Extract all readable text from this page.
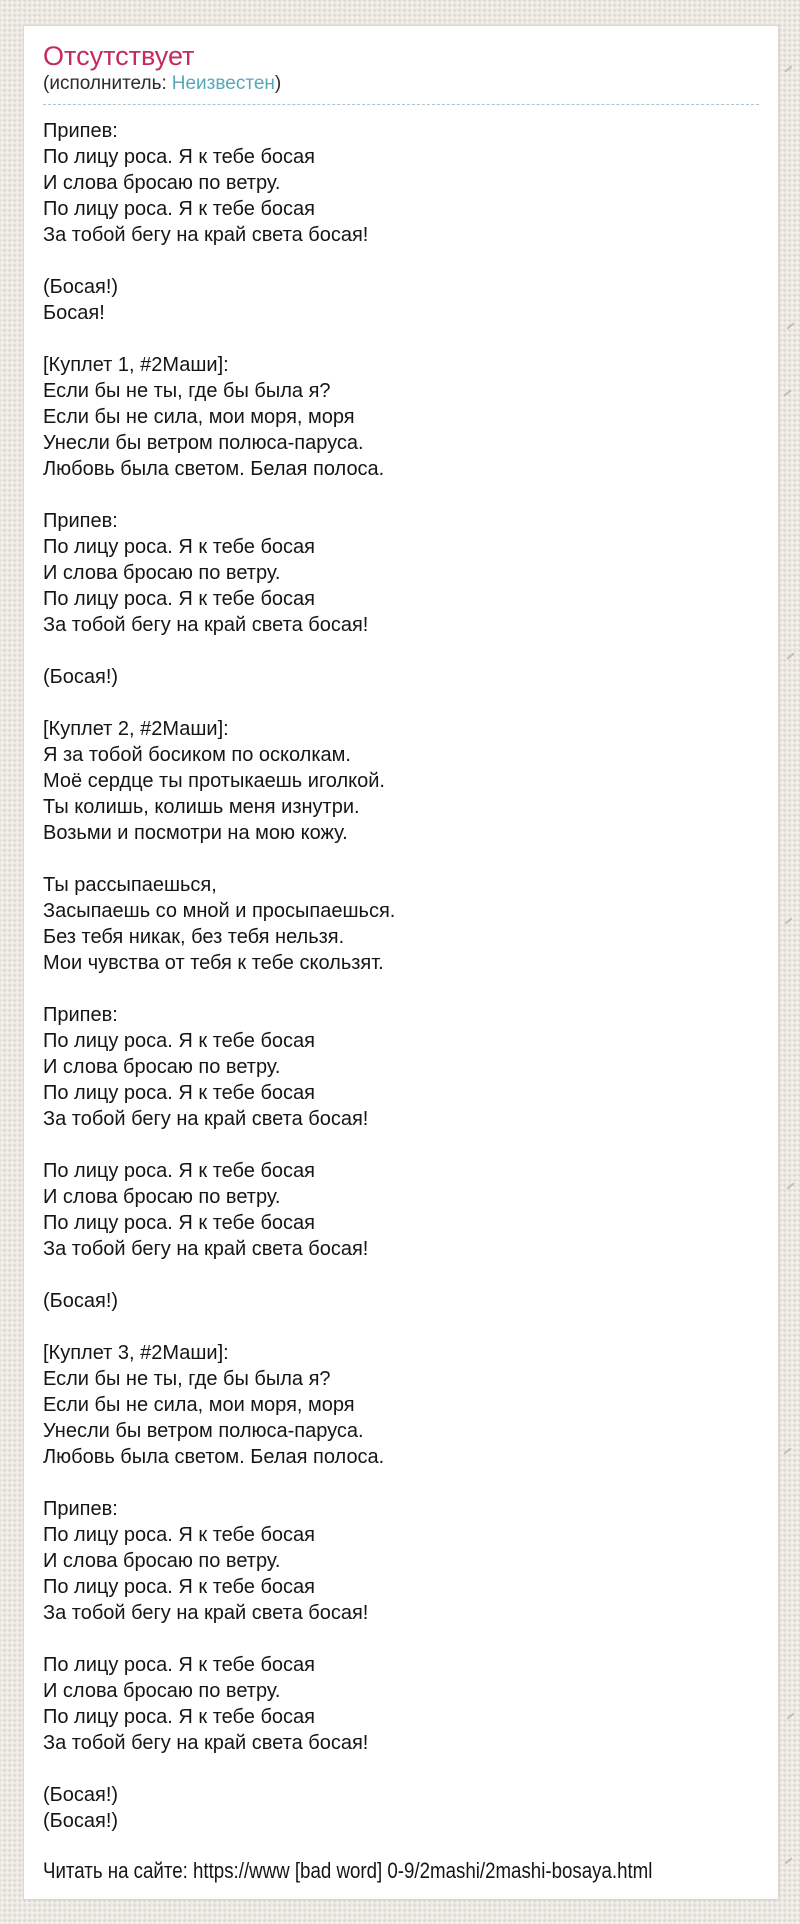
Отсутствует
(исполнитель: Неизвестен)
Припев:
По лицу роса. Я к тебе босая
И слова бросаю по ветру.
По лицу роса. Я к тебе босая
За тобой бегу на край света босая!

(Босая!)
Босая!

[Куплет 1, #2Маши]:
Если бы не ты, где бы была я?
Если бы не сила, мои моря, моря
Унесли бы ветром полюса-паруса.
Любовь была светом. Белая полоса.

Припев:
По лицу роса. Я к тебе босая
И слова бросаю по ветру.
По лицу роса. Я к тебе босая
За тобой бегу на край света босая!

(Босая!)

[Куплет 2, #2Маши]:
Я за тобой босиком по осколкам.
Моё сердце ты протыкаешь иголкой.
Ты колишь, колишь меня изнутри.
Возьми и посмотри на мою кожу.

Ты рассыпаешься,
Засыпаешь со мной и просыпаешься.
Без тебя никак, без тебя нельзя.
Мои чувства от тебя к тебе скользят.

Припев:
По лицу роса. Я к тебе босая
И слова бросаю по ветру.
По лицу роса. Я к тебе босая
За тобой бегу на край света босая!

По лицу роса. Я к тебе босая
И слова бросаю по ветру.
По лицу роса. Я к тебе босая
За тобой бегу на край света босая!

(Босая!)

[Куплет 3, #2Маши]:
Если бы не ты, где бы была я?
Если бы не сила, мои моря, моря
Унесли бы ветром полюса-паруса.
Любовь была светом. Белая полоса.

Припев:
По лицу роса. Я к тебе босая
И слова бросаю по ветру.
По лицу роса. Я к тебе босая
За тобой бегу на край света босая!

По лицу роса. Я к тебе босая
И слова бросаю по ветру.
По лицу роса. Я к тебе босая
За тобой бегу на край света босая!

(Босая!)
(Босая!)
Читать на сайте: https://www [bad word] 0-9/2mashi/2mashi-bosaya.html
